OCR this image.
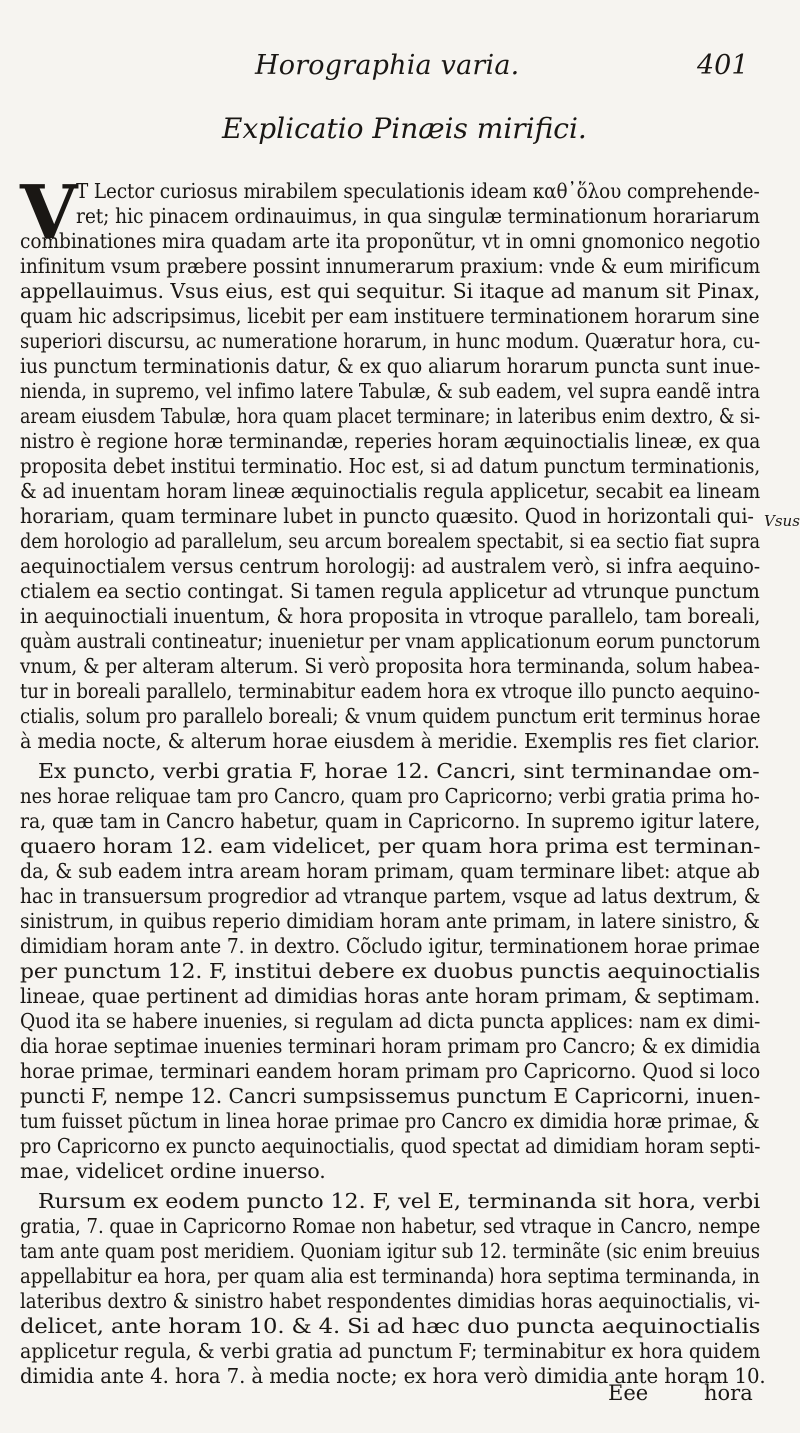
Horographia varia.	401
Explicatio Pinæis mirifici.
V
Vsus
T Lector curiosus mirabilem speculationis ideam καθ᾿ὅλου comprehende-
ret; hic pinacem ordinauimus, in qua singulæ terminationum horariarum
combinationes mira quadam arte ita proponũtur, vt in omni gnomonico negotio
infinitum vsum præbere possint innumerarum praxium: vnde & eum mirificum
appellauimus. Vsus eius, est qui sequitur. Si itaque ad manum sit Pinax,
quam hic adscripsimus, licebit per eam instituere terminationem horarum sine
superiori discursu, ac numeratione horarum, in hunc modum. Quæratur hora, cu-
ius punctum terminationis datur, & ex quo aliarum horarum puncta sunt inue-
nienda, in supremo, vel infimo latere Tabulæ, & sub eadem, vel supra eandẽ intra
aream eiusdem Tabulæ, hora quam placet terminare; in lateribus enim dextro, & si-
nistro è regione horæ terminandæ, reperies horam æquinoctialis lineæ, ex qua
proposita debet institui terminatio. Hoc est, si ad datum punctum terminationis,
& ad inuentam horam lineæ æquinoctialis regula applicetur, secabit ea lineam
horariam, quam terminare lubet in puncto quæsito. Quod in horizontali qui-
dem horologio ad parallelum, seu arcum borealem spectabit, si ea sectio fiat supra
aequinoctialem versus centrum horologij: ad australem verò, si infra aequino-
ctialem ea sectio contingat. Si tamen regula applicetur ad vtrunque punctum
in aequinoctiali inuentum, & hora proposita in vtroque parallelo, tam boreali,
quàm australi contineatur; inuenietur per vnam applicationum eorum punctorum
vnum, & per alteram alterum. Si verò proposita hora terminanda, solum habea-
tur in boreali parallelo, terminabitur eadem hora ex vtroque illo puncto aequino-
ctialis, solum pro parallelo boreali; & vnum quidem punctum erit terminus horae
à media nocte, & alterum horae eiusdem à meridie. Exemplis res fiet clarior.
Ex puncto, verbi gratia F, horae 12. Cancri, sint terminandae om-
nes horae reliquae tam pro Cancro, quam pro Capricorno; verbi gratia prima ho-
ra, quæ tam in Cancro habetur, quam in Capricorno. In supremo igitur latere,
quaero horam 12. eam videlicet, per quam hora prima est terminan-
da, & sub eadem intra aream horam primam, quam terminare libet: atque ab
hac in transuersum progredior ad vtranque partem, vsque ad latus dextrum, &
sinistrum, in quibus reperio dimidiam horam ante primam, in latere sinistro, &
dimidiam horam ante 7. in dextro. Cõcludo igitur, terminationem horae primae
per punctum 12. F, institui debere ex duobus punctis aequinoctialis
lineae, quae pertinent ad dimidias horas ante horam primam, & septimam.
Quod ita se habere inuenies, si regulam ad dicta puncta applices: nam ex dimi-
dia horae septimae inuenies terminari horam primam pro Cancro; & ex dimidia
horae primae, terminari eandem horam primam pro Capricorno. Quod si loco
puncti F, nempe 12. Cancri sumpsissemus punctum E Capricorni, inuen-
tum fuisset pũctum in linea horae primae pro Cancro ex dimidia horæ primae, &
pro Capricorno ex puncto aequinoctialis, quod spectat ad dimidiam horam septi-
mae, videlicet ordine inuerso.
Rursum ex eodem puncto 12. F, vel E, terminanda sit hora, verbi
gratia, 7. quae in Capricorno Romae non habetur, sed vtraque in Cancro, nempe
tam ante quam post meridiem. Quoniam igitur sub 12. terminãte (sic enim breuius
appellabitur ea hora, per quam alia est terminanda) hora septima terminanda, in
lateribus dextro & sinistro habet respondentes dimidias horas aequinoctialis, vi-
delicet, ante horam 10. & 4. Si ad hæc duo puncta aequinoctialis
applicetur regula, & verbi gratia ad punctum F; terminabitur ex hora quidem
dimidia ante 4. hora 7. à media nocte; ex hora verò dimidia ante horam 10.
Eee	hora
